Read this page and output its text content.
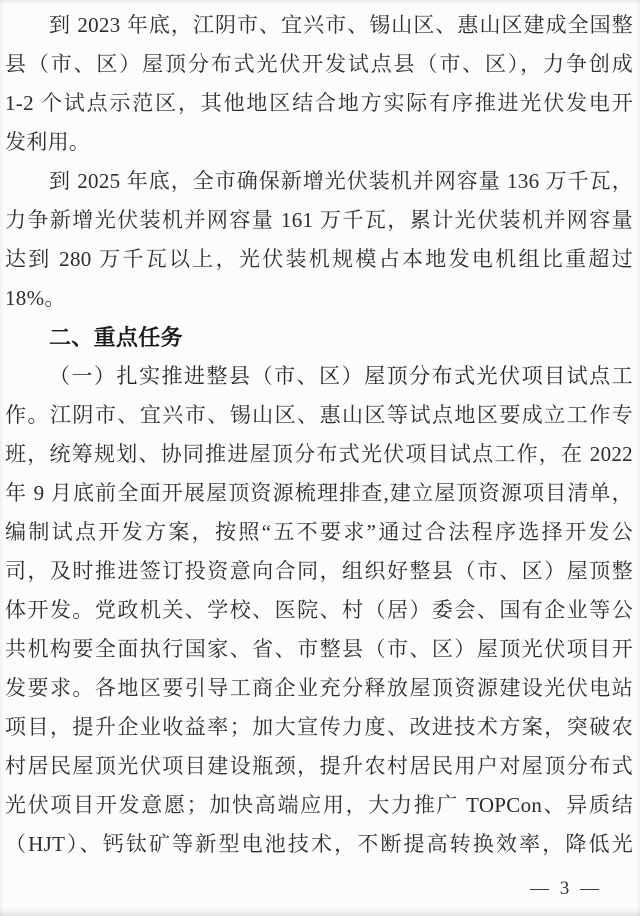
到 2023 年底，江阴市、宜兴市、锡山区、惠山区建成全国整
县（市、区）屋顶分布式光伏开发试点县（市、区），力争创成
1-2 个试点示范区，其他地区结合地方实际有序推进光伏发电开
发利用。
到 2025 年底，全市确保新增光伏装机并网容量 136 万千瓦，
力争新增光伏装机并网容量 161 万千瓦，累计光伏装机并网容量
达到 280 万千瓦以上，光伏装机规模占本地发电机组比重超过
18%。
二、重点任务
（一）扎实推进整县（市、区）屋顶分布式光伏项目试点工
作。江阴市、宜兴市、锡山区、惠山区等试点地区要成立工作专
班，统筹规划、协同推进屋顶分布式光伏项目试点工作，在 2022
年 9 月底前全面开展屋顶资源梳理排查,建立屋顶资源项目清单，
编制试点开发方案，按照“五不要求”通过合法程序选择开发公
司，及时推进签订投资意向合同，组织好整县（市、区）屋顶整
体开发。党政机关、学校、医院、村（居）委会、国有企业等公
共机构要全面执行国家、省、市整县（市、区）屋顶光伏项目开
发要求。各地区要引导工商企业充分释放屋顶资源建设光伏电站
项目，提升企业收益率；加大宣传力度、改进技术方案，突破农
村居民屋顶光伏项目建设瓶颈，提升农村居民用户对屋顶分布式
光伏项目开发意愿；加快高端应用，大力推广 TOPCon、异质结
（HJT）、钙钛矿等新型电池技术，不断提高转换效率，降低光
— 3 —
